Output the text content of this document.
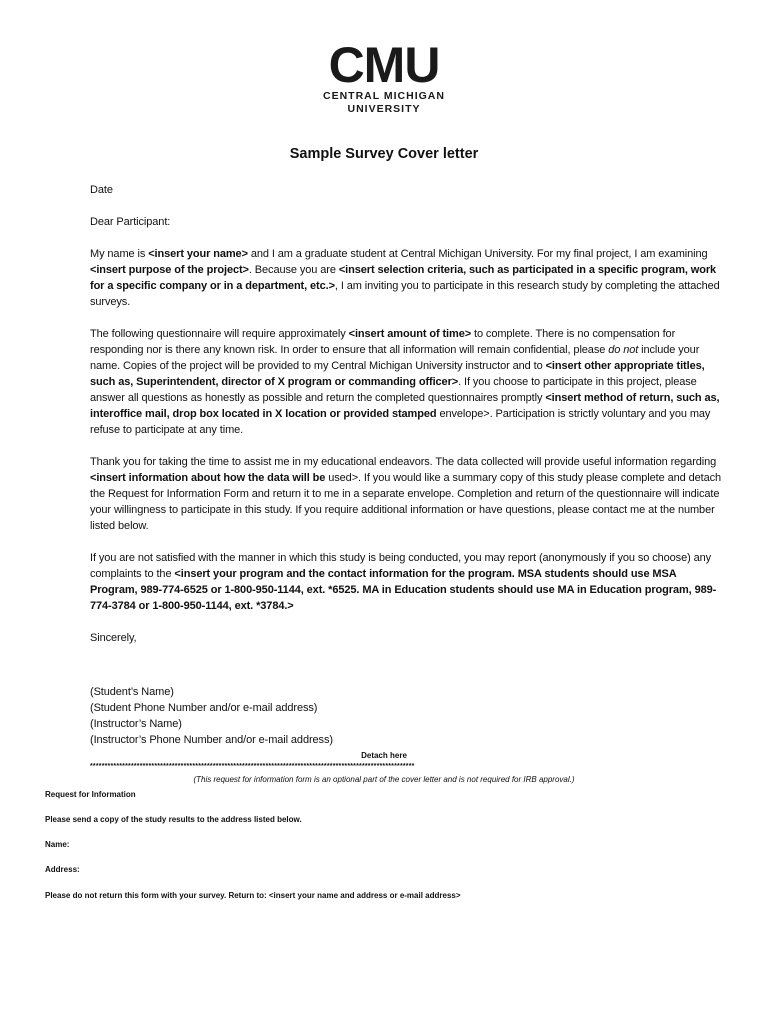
CMU
CENTRAL MICHIGAN
UNIVERSITY
Sample Survey Cover letter

Date

Dear Participant:

My name is <insert your name> and I am a graduate student at Central Michigan University. For my final project, I am examining <insert purpose of the project>. Because you are <insert selection criteria, such as participated in a specific program, work for a specific company or in a department, etc.>, I am inviting you to participate in this research study by completing the attached surveys.

The following questionnaire will require approximately <insert amount of time> to complete. There is no compensation for responding nor is there any known risk. In order to ensure that all information will remain confidential, please do not include your name. Copies of the project will be provided to my Central Michigan University instructor and to <insert other appropriate titles, such as, Superintendent, director of X program or commanding officer>. If you choose to participate in this project, please answer all questions as honestly as possible and return the completed questionnaires promptly <insert method of return, such as, interoffice mail, drop box located in X location or provided stamped envelope>. Participation is strictly voluntary and you may refuse to participate at any time.

Thank you for taking the time to assist me in my educational endeavors. The data collected will provide useful information regarding <insert information about how the data will be used>. If you would like a summary copy of this study please complete and detach the Request for Information Form and return it to me in a separate envelope. Completion and return of the questionnaire will indicate your willingness to participate in this study. If you require additional information or have questions, please contact me at the number listed below.

If you are not satisfied with the manner in which this study is being conducted, you may report (anonymously if you so choose) any complaints to the <insert your program and the contact information for the program. MSA students should use MSA Program, 989-774-6525 or 1-800-950-1144, ext. *6525. MA in Education students should use MA in Education program, 989-774-3784 or 1-800-950-1144, ext. *3784.>

Sincerely,

(Student’s Name)

(Student Phone Number and/or e-mail address)

(Instructor’s Name)

(Instructor’s Phone Number and/or e-mail address)

Detach here
***************************************************************************************************************
(This request for information form is an optional part of the cover letter and is not required for IRB approval.)
Request for Information
Please send a copy of the study results to the address listed below.
Name:
Address:
Please do not return this form with your survey. Return to: <insert your name and address or e-mail address>
